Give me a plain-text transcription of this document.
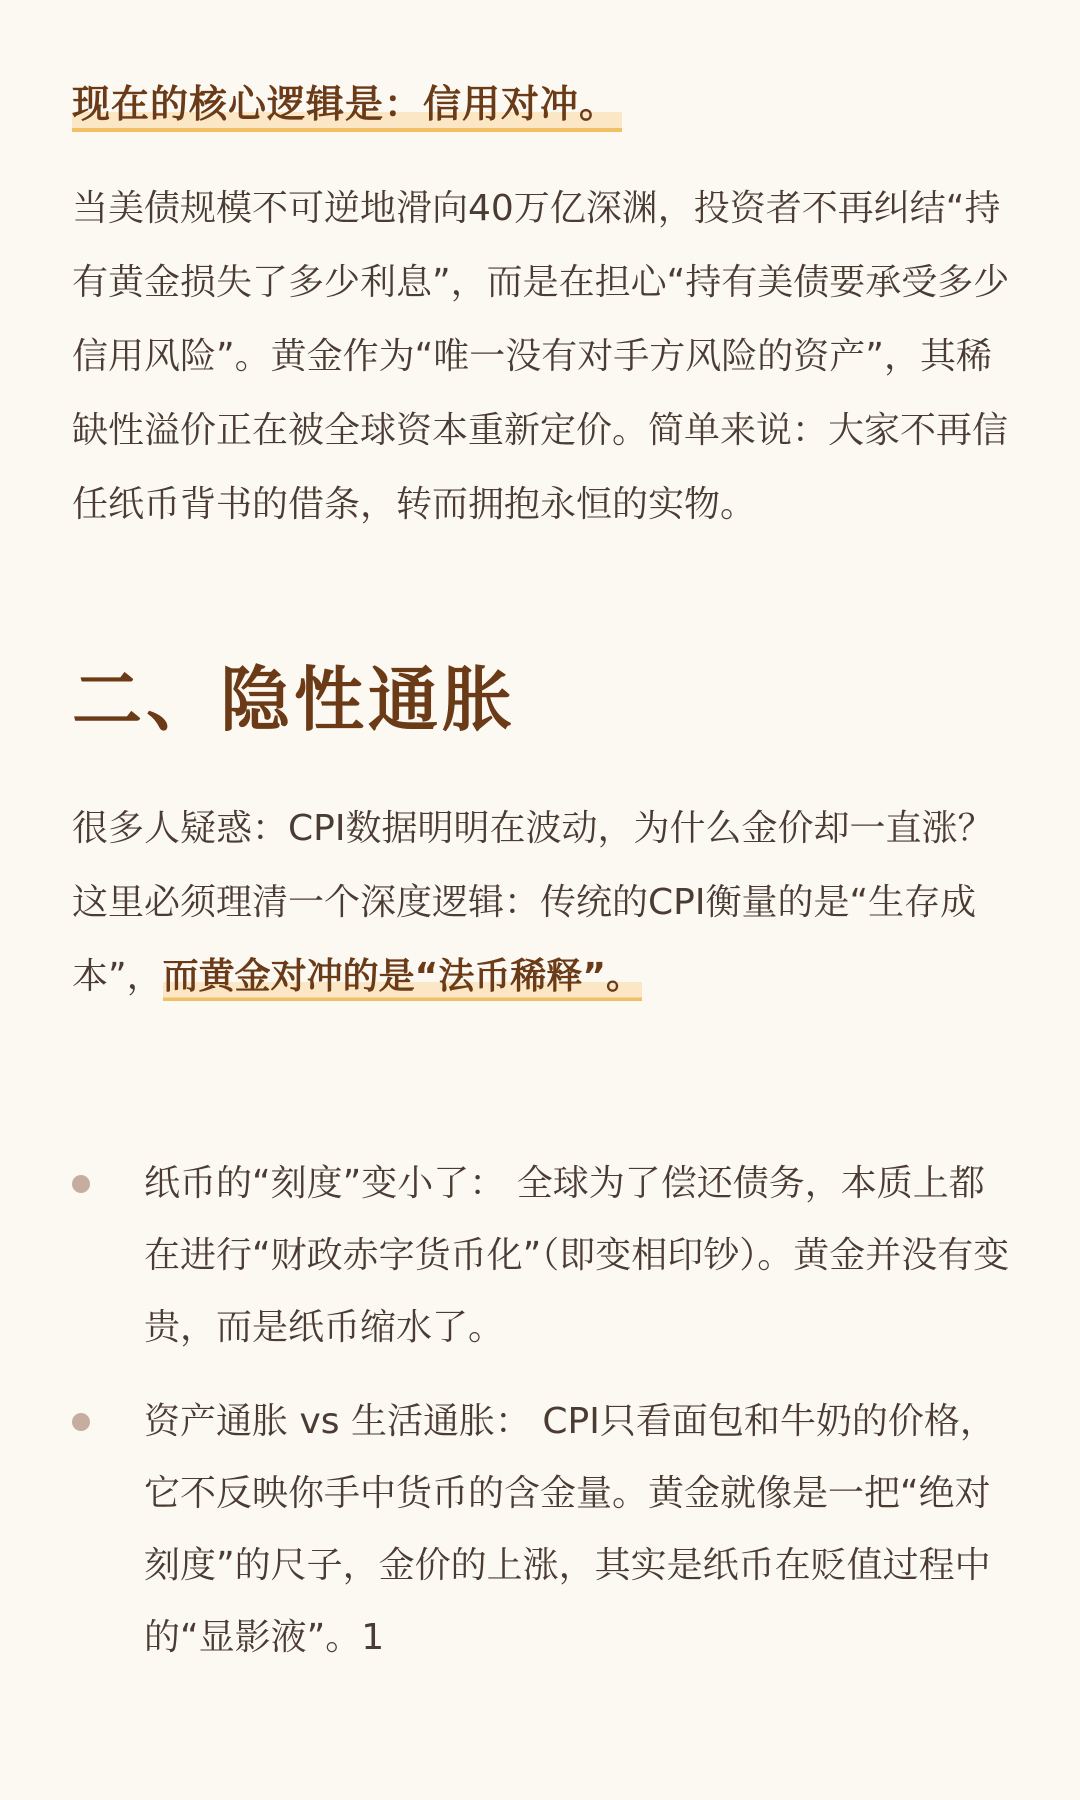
现在的核心逻辑是：信用对冲。

当美债规模不可逆地滑向40万亿深渊，投资者不再纠结“持有黄金损失了多少利息”，而是在担心“持有美债要承受多少信用风险”。黄金作为“唯一没有对手方风险的资产”，其稀缺性溢价正在被全球资本重新定价。简单来说：大家不再信任纸币背书的借条，转而拥抱永恒的实物。

二、隐性通胀

很多人疑惑：CPI数据明明在波动，为什么金价却一直涨？这里必须理清一个深度逻辑：传统的CPI衡量的是“生存成本”，而黄金对冲的是“法币稀释”。

纸币的“刻度”变小了： 全球为了偿还债务，本质上都在进行“财政赤字货币化”（即变相印钞）。黄金并没有变贵，而是纸币缩水了。
资产通胀 vs 生活通胀： CPI只看面包和牛奶的价格，它不反映你手中货币的含金量。黄金就像是一把“绝对刻度”的尺子，金价的上涨，其实是纸币在贬值过程中的“显影液”。1
